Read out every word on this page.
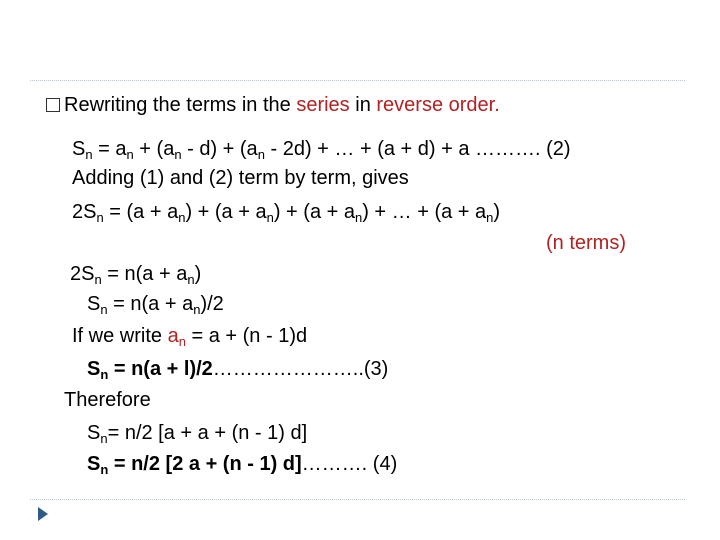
Rewriting the terms in the series in reverse order.
$S_n = a_n + (a_n - d) + (a_n - 2d)$ + … + (a + d) + a ………. (2)
Adding (1) and (2) term by term, gives
$2S_n = (a + a_n) + (a + a_n) + (a + a_n)$ + … + $(a + a_n)$
(n terms)
$2S_n = n(a + a_n)$
$S_n = n(a + a_n)/2$
If we write $a_n = a + (n - 1)d$
$S_n = n(a$ + l)/2…………………..(3)
Therefore
$S_n= n/2$ [a + a + (n - 1) d]
$S_n = n/2$ [2 a + (n - 1) d]………. (4)
